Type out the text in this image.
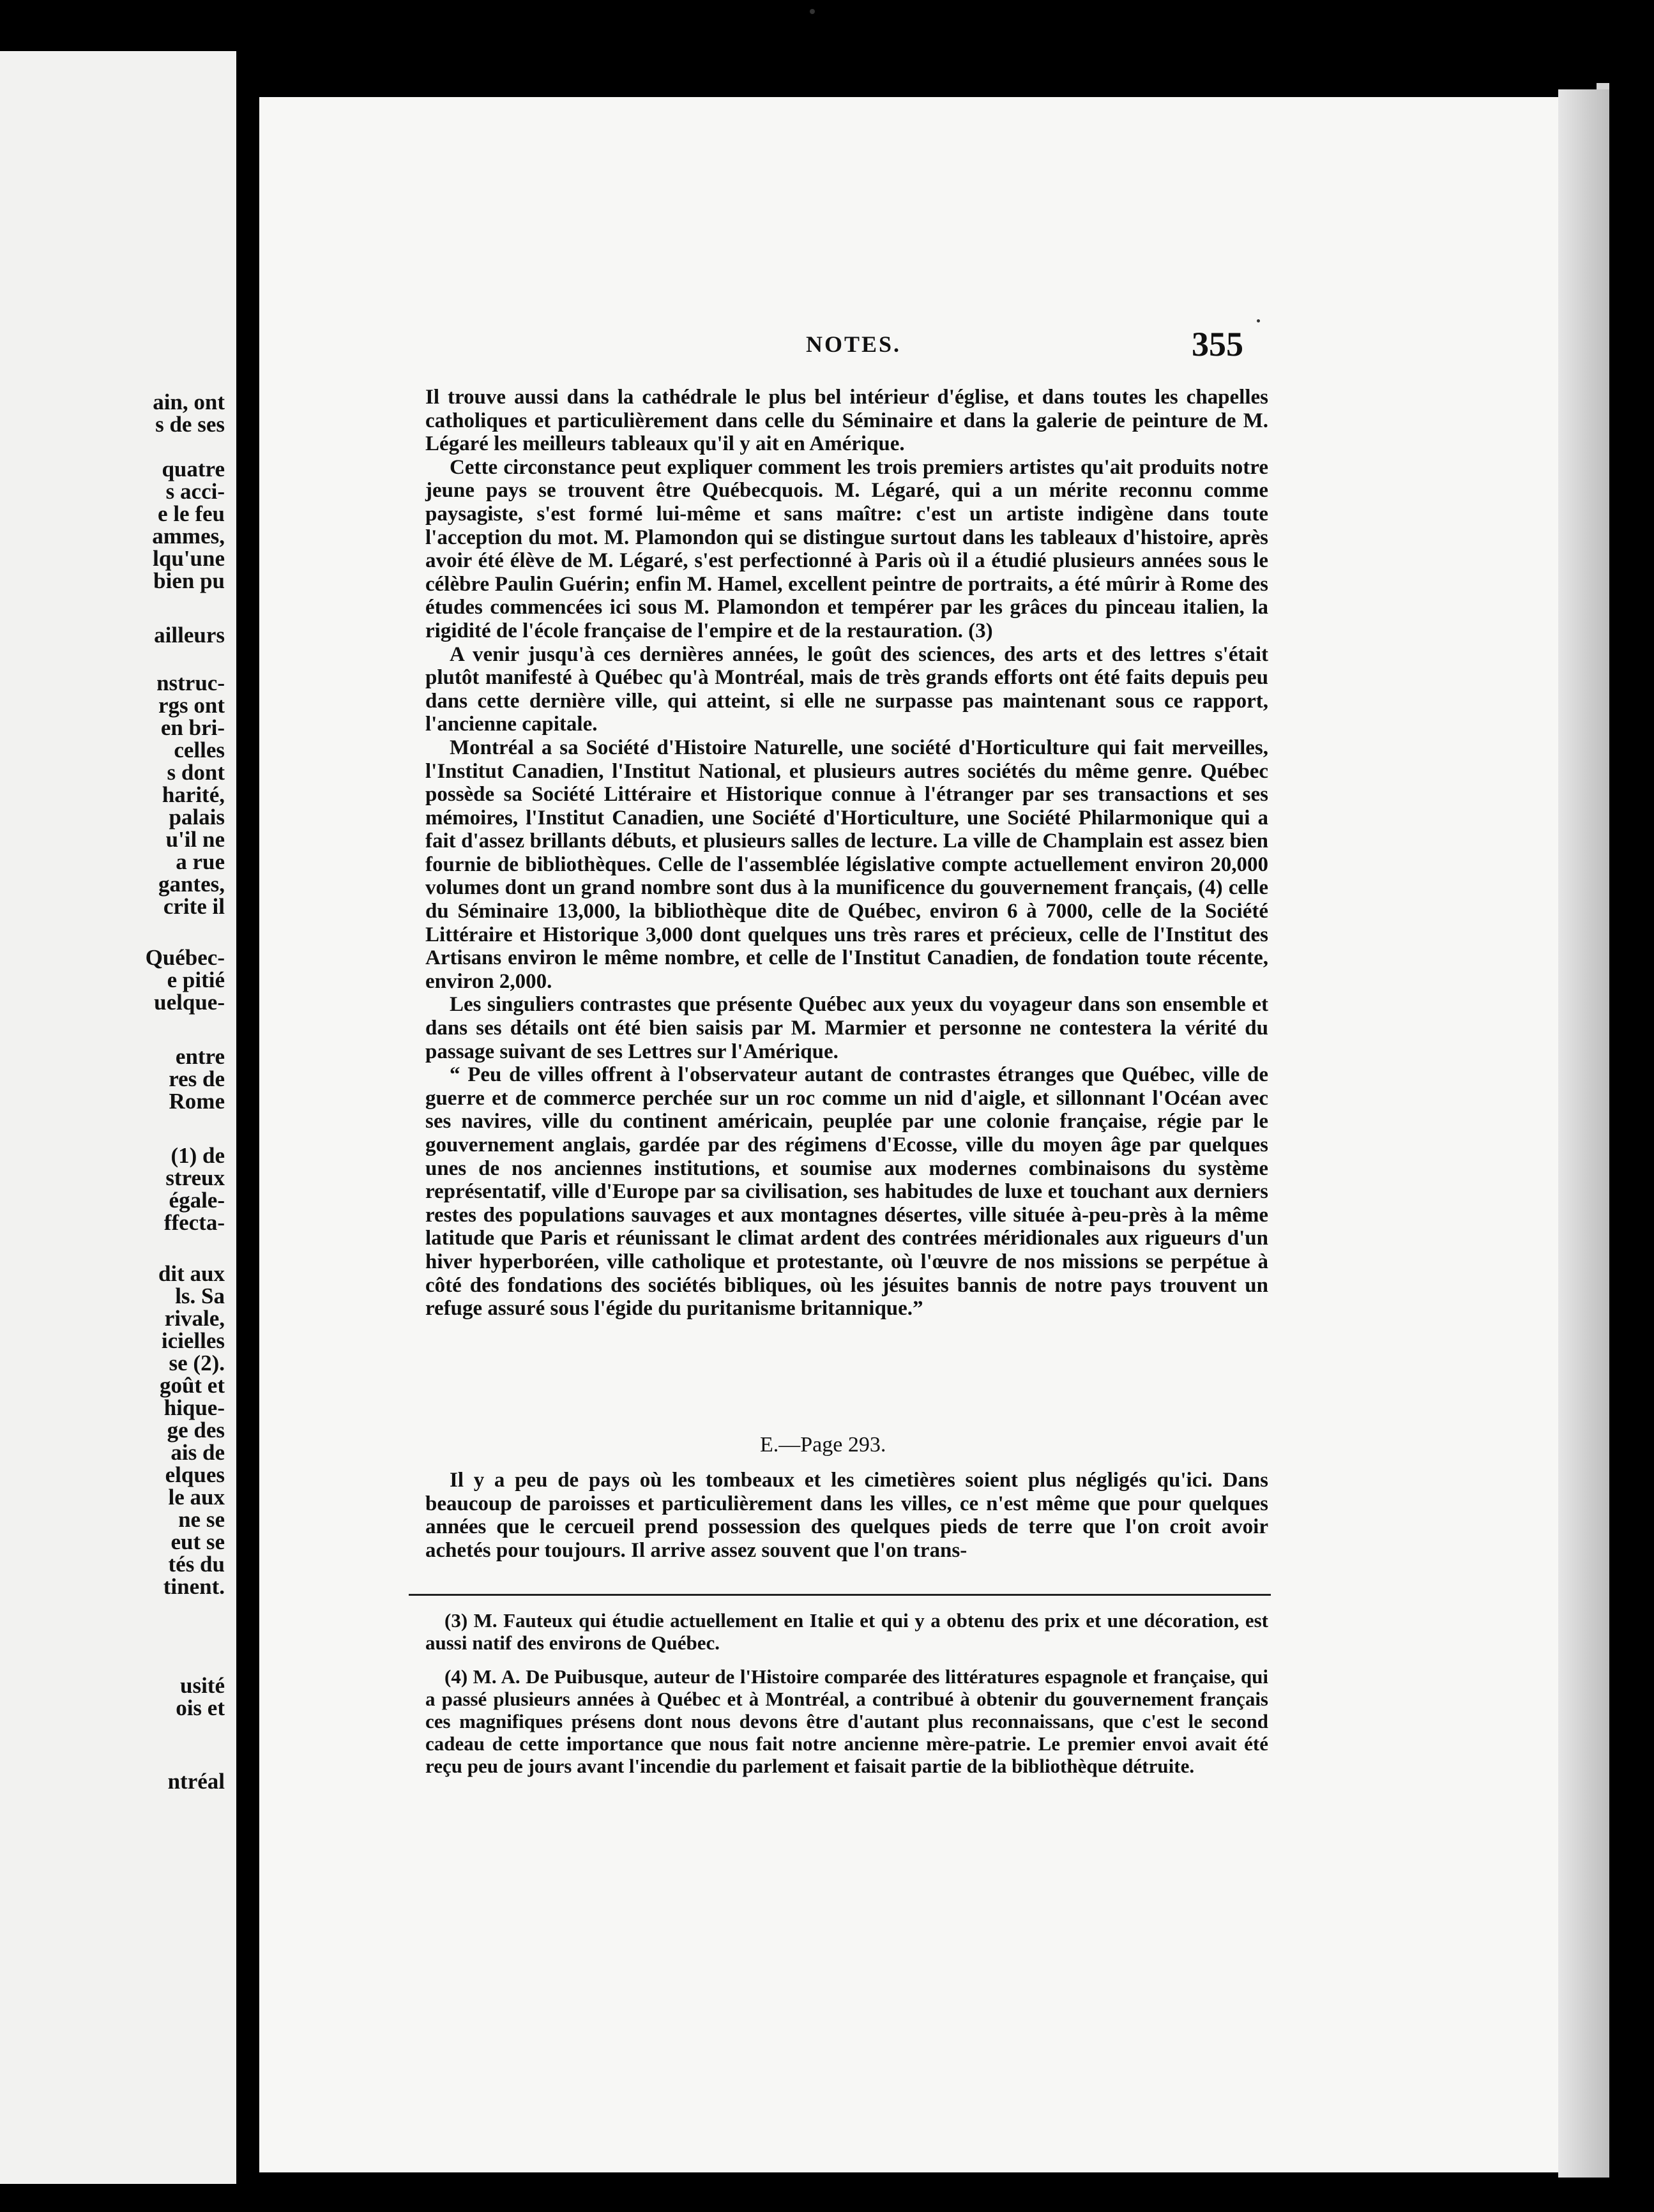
ain, ont
s de ses
quatre
s acci-
e le feu
ammes,
lqu'une
bien pu
ailleurs
nstruc-
rgs ont
en bri-
celles
s dont
harité,
palais
u'il ne
a rue
gantes,
crite il
Québec-
e pitié
uelque-
entre
res de
Rome
(1) de
streux
égale-
ffecta-
dit aux
ls. Sa
rivale,
icielles
se (2).
goût et
hique-
ge des
ais de
elques
le aux
ne se
eut se
tés du
tinent.
usité
ois et
ntréal
NOTES.	355

Il trouve aussi dans la cathédrale le plus bel intérieur d'église, et dans toutes les chapelles catholiques et particulièrement dans celle du Séminaire et dans la galerie de peinture de M. Légaré les meilleurs tableaux qu'il y ait en Amérique.

Cette circonstance peut expliquer comment les trois premiers artistes qu'ait produits notre jeune pays se trouvent être Québecquois. M. Légaré, qui a un mérite reconnu comme paysagiste, s'est formé lui-même et sans maître: c'est un artiste indigène dans toute l'acception du mot. M. Plamondon qui se distingue surtout dans les tableaux d'histoire, après avoir été élève de M. Légaré, s'est perfectionné à Paris où il a étudié plusieurs années sous le célèbre Paulin Guérin; enfin M. Hamel, excellent peintre de portraits, a été mûrir à Rome des études commencées ici sous M. Plamondon et tempérer par les grâces du pinceau italien, la rigidité de l'école française de l'empire et de la restauration. (3)

A venir jusqu'à ces dernières années, le goût des sciences, des arts et des lettres s'était plutôt manifesté à Québec qu'à Montréal, mais de très grands efforts ont été faits depuis peu dans cette dernière ville, qui atteint, si elle ne surpasse pas maintenant sous ce rapport, l'ancienne capitale.

Montréal a sa Société d'Histoire Naturelle, une société d'Horticulture qui fait merveilles, l'Institut Canadien, l'Institut National, et plusieurs autres sociétés du même genre. Québec possède sa Société Littéraire et Historique connue à l'étranger par ses transactions et ses mémoires, l'Institut Canadien, une Société d'Horticulture, une Société Philarmonique qui a fait d'assez brillants débuts, et plusieurs salles de lecture. La ville de Champlain est assez bien fournie de bibliothèques. Celle de l'assemblée législative compte actuellement environ 20,000 volumes dont un grand nombre sont dus à la munificence du gouvernement français, (4) celle du Séminaire 13,000, la bibliothèque dite de Québec, environ 6 à 7000, celle de la Société Littéraire et Historique 3,000 dont quelques uns très rares et précieux, celle de l'Institut des Artisans environ le même nombre, et celle de l'Institut Canadien, de fondation toute récente, environ 2,000.

Les singuliers contrastes que présente Québec aux yeux du voyageur dans son ensemble et dans ses détails ont été bien saisis par M. Marmier et personne ne contestera la vérité du passage suivant de ses Lettres sur l'Amérique.

“ Peu de villes offrent à l'observateur autant de contrastes étranges que Québec, ville de guerre et de commerce perchée sur un roc comme un nid d'aigle, et sillonnant l'Océan avec ses navires, ville du continent américain, peuplée par une colonie française, régie par le gouvernement anglais, gardée par des régimens d'Ecosse, ville du moyen âge par quelques unes de nos anciennes institutions, et soumise aux modernes combinaisons du système représentatif, ville d'Europe par sa civilisation, ses habitudes de luxe et touchant aux derniers restes des populations sauvages et aux montagnes désertes, ville située à-peu-près à la même latitude que Paris et réunissant le climat ardent des contrées méridionales aux rigueurs d'un hiver hyperboréen, ville catholique et protestante, où l'œuvre de nos missions se perpétue à côté des fondations des sociétés bibliques, où les jésuites bannis de notre pays trouvent un refuge assuré sous l'égide du puritanisme britannique.”

E.—Page 293.

Il y a peu de pays où les tombeaux et les cimetières soient plus négligés qu'ici. Dans beaucoup de paroisses et particulièrement dans les villes, ce n'est même que pour quelques années que le cercueil prend possession des quelques pieds de terre que l'on croit avoir achetés pour toujours. Il arrive assez souvent que l'on trans-

(3) M. Fauteux qui étudie actuellement en Italie et qui y a obtenu des prix et une décoration, est aussi natif des environs de Québec.

(4) M. A. De Puibusque, auteur de l'Histoire comparée des littératures espagnole et française, qui a passé plusieurs années à Québec et à Montréal, a contribué à obtenir du gouvernement français ces magnifiques présens dont nous devons être d'autant plus reconnaissans, que c'est le second cadeau de cette importance que nous fait notre ancienne mère-patrie. Le premier envoi avait été reçu peu de jours avant l'incendie du parlement et faisait partie de la bibliothèque détruite.
